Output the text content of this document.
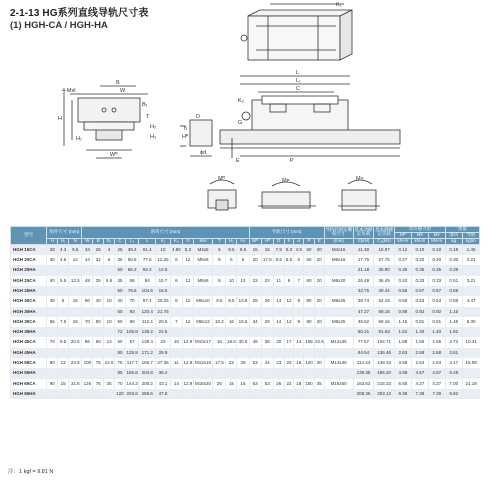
2-1-13 HG系列直线导轨尺寸表
(1) HGH-CA / HGH-HA
K₁
L
L₁
C
B
K₂
G
W
B₁
4-Mxl
T
H₂
H₃
H₁
H
Wᴿ
Hᴿ
D
h
ϕd
P
E
Mᴿ	Mᴘ	Mʏ
型号	组件尺寸 (mm)			滑块尺寸 (mm)													导轨尺寸 (mm)							导轨的固定螺栓尺寸	基本动额定负载	基本静额定负载	容许静力矩			重量	
																											Mᴿ	Mᴘ	Mʏ	滑块	导轨
	H	H₁	N	W	B	B₁	C	L₁	L	K₁	K₂	G	Mxl	T	H₂	H₃	Wᴿ	Hᴿ	D	h	d	P	E	(mm)	C(kN)	C₀(kN)	kN-m	kN-m	kN-m	kg	kg/m
HGH 15CA	28	4.3	9.5	34	26	4	26	39.4	61.4	10	4.85	5.3	M4x5	6	8.5	9.5	15	15	7.5	5.3	4.5	60	20	M4x16	11.38	16.97	0.12	0.10	0.10	0.18	1.45
HGH 20CA	30	4.6	12	44	32	6	36	50.5	77.5	12.25	6	12	M5x6	8	6	6	20	17.5	9.5	8.5	6	60	20	M5x16	17.75	27.76	0.27	0.20	0.20	0.30	2.21
HGH 20HA							50	65.2	92.2	12.6															21.18	35.90	0.35	0.35	0.35	0.39	
HGH 25CA	40	5.5	12.5	48	35	6.5	35	58	84	15.7	6	12	M6x8	8	10	13	23	22	11	9	7	60	20	M6x20	26.48	36.49	0.42	0.33	0.33	0.51	3.21
HGH 25HA							50	78.6	104.6	18.5															32.75	49.44	0.56	0.57	0.57	0.69	
HGH 30CA	45	6	16	60	40	10	40	70	97.4	20.25	6	12	M8x10	8.5	9.5	13.8	28	26	14	12	9	80	20	M8x25	38.74	52.19	0.66	0.53	0.53	0.88	4.47
HGH 30HA							60	93	120.4	21.75															47.27	69.16	0.88	0.92	0.92	1.16	
HGH 35CA	55	7.5	18	70	50	10	50	80	112.4	20.6	7	12	M8x12	10.2	16	19.6	34	29	14	12	9	80	20	M8x25	49.52	69.16	1.16	0.81	0.81	1.45	6.30
HGH 35HA							72	105.8	138.2	22.5															60.21	91.63	1.54	1.40	1.40	1.92	
HGH 45CA	70	9.5	20.5	86	60	13	60	97	139.4	23	10	12.9	M10x17	16	18.5	30.5	45	38	20	17	14	105	22.5	M12x35	77.57	102.71	1.98	1.55	1.55	2.73	10.41
HGH 45HA							80	128.8	171.2	28.9															94.54	136.46	2.63	2.68	2.68	3.61	
HGH 55CA	80	13	23.5	100	75	12.5	75	117.7	166.7	27.35	11	12.9	M12x18	17.5	22	29	53	44	23	20	16	120	30	M14x45	114.44	148.33	3.69	2.64	2.64	4.17	15.08
HGH 55HA							95	155.8	204.8	36.4															139.35	196.20	4.88	4.57	4.57	5.49	
HGH 65CA	90	15	31.5	126	76	25	70	144.2	200.2	43.1	14	12.9	M16x20	25	15	15	63	53	26	22	18	150	35	M16x50	163.63	215.33	6.65	4.27	4.27	7.00	21.18
HGH 65HA							120	203.6	259.6	47.8															208.36	303.13	9.38	7.38	7.38	9.82	
注：1 kgf = 9.81 N
